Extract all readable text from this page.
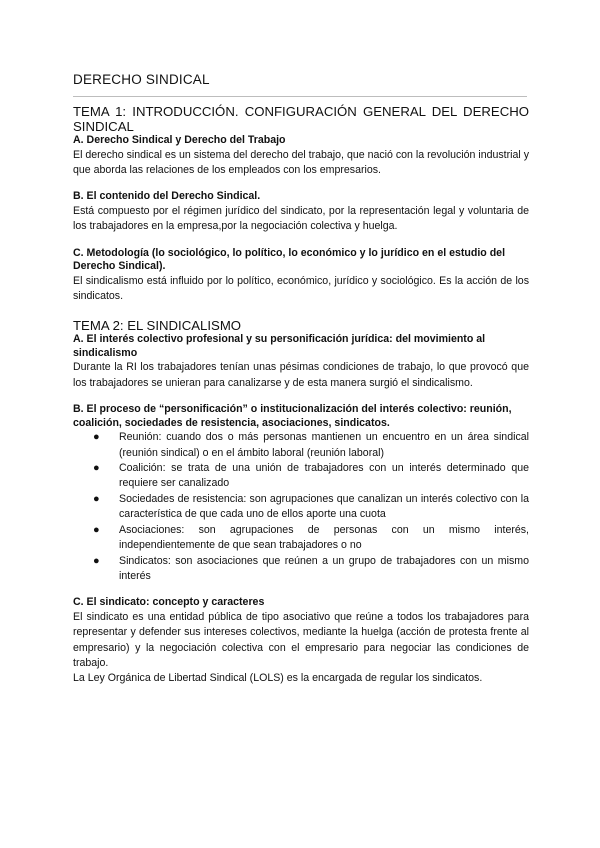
DERECHO SINDICAL

TEMA 1: INTRODUCCIÓN. CONFIGURACIÓN GENERAL DEL DERECHO SINDICAL

A. Derecho Sindical y Derecho del Trabajo

El derecho sindical es un sistema del derecho del trabajo, que nació con la revolución industrial y que aborda las relaciones de los empleados con los empresarios.

B. El contenido del Derecho Sindical.

Está compuesto por el régimen jurídico del sindicato, por la representación legal y voluntaria de los trabajadores en la empresa,por la negociación colectiva y huelga.

C. Metodología (lo sociológico, lo político, lo económico y lo jurídico en el estudio del Derecho Sindical).

El sindicalismo está influido por lo político, económico, jurídico y sociológico. Es la acción de los sindicatos.

TEMA 2: EL SINDICALISMO

A. El interés colectivo profesional y su personificación jurídica: del movimiento al sindicalismo

Durante la RI los trabajadores tenían unas pésimas condiciones de trabajo, lo que provocó que los trabajadores se unieran para canalizarse y de esta manera surgió el sindicalismo.

B. El proceso de “personificación” o institucionalización del interés colectivo: reunión, coalición, sociedades de resistencia, asociaciones, sindicatos.

● Reunión: cuando dos o más personas mantienen un encuentro en un área sindical (reunión sindical) o en el ámbito laboral (reunión laboral)
● Coalición: se trata de una unión de trabajadores con un interés determinado que requiere ser canalizado
● Sociedades de resistencia: son agrupaciones que canalizan un interés colectivo con la característica de que cada uno de ellos aporte una cuota
● Asociaciones: son agrupaciones de personas con un mismo interés, independientemente de que sean trabajadores o no
● Sindicatos: son asociaciones que reúnen a un grupo de trabajadores con un mismo interés

C. El sindicato: concepto y caracteres

El sindicato es una entidad pública de tipo asociativo que reúne a todos los trabajadores para representar y defender sus intereses colectivos, mediante la huelga (acción de protesta frente al empresario) y la negociación colectiva con el empresario para negociar las condiciones de trabajo.

La Ley Orgánica de Libertad Sindical (LOLS) es la encargada de regular los sindicatos.
